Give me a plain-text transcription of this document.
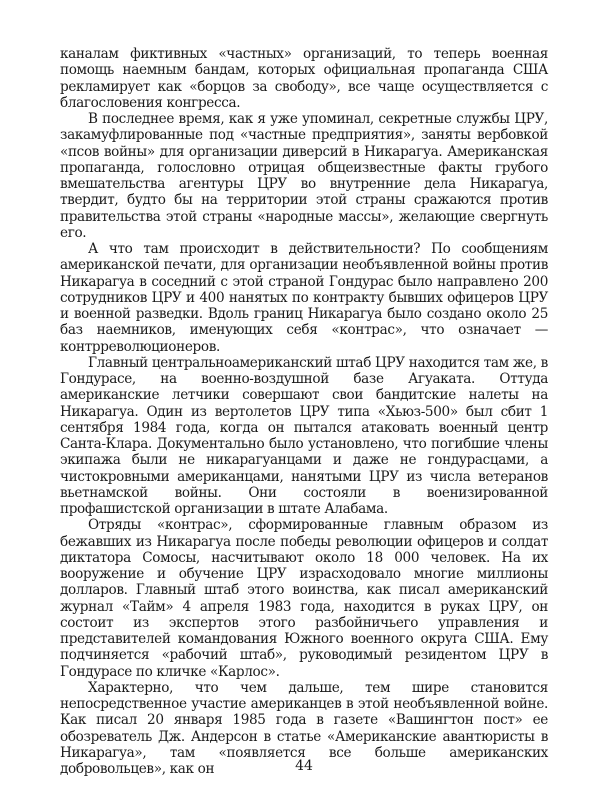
каналам фиктивных «частных» организаций, то теперь военная помощь наемным бандам, которых официальная пропаганда США рекламирует как «борцов за свободу», все чаще осуществляется с благословения конгресса.

В последнее время, как я уже упоминал, секретные службы ЦРУ, закамуфлированные под «частные предприятия», заняты вербовкой «псов войны» для организации диверсий в Никарагуа. Американская пропаганда, голословно отрицая общеизвестные факты грубого вмешательства агентуры ЦРУ во внутренние дела Никарагуа, твердит, будто бы на территории этой страны сражаются против правительства этой страны «народные массы», желающие свергнуть его.

А что там происходит в действительности? По сообщениям американской печати, для организации необъявленной войны против Никарагуа в соседний с этой страной Гондурас было направлено 200 сотрудников ЦРУ и 400 нанятых по контракту бывших офицеров ЦРУ и военной разведки. Вдоль границ Никарагуа было создано около 25 баз наемников, именующих себя «контрас», что означает — контрреволюционеров.

Главный центральноамериканский штаб ЦРУ находится там же, в Гондурасе, на военно-воздушной базе Агуаката. Оттуда американские летчики совершают свои бандитские налеты на Никарагуа. Один из вертолетов ЦРУ типа «Хьюз-500» был сбит 1 сентября 1984 года, когда он пытался атаковать военный центр Санта-Клара. Документально было установлено, что погибшие члены экипажа были не никарагуанцами и даже не гондурасцами, а чистокровными американцами, нанятыми ЦРУ из числа ветеранов вьетнамской войны. Они состояли в военизированной профашистской организации в штате Алабама.

Отряды «контрас», сформированные главным образом из бежавших из Никарагуа после победы революции офицеров и солдат диктатора Сомосы, насчитывают около 18 000 человек. На их вооружение и обучение ЦРУ израсходовало многие миллионы долларов. Главный штаб этого воинства, как писал американский журнал «Тайм» 4 апреля 1983 года, находится в руках ЦРУ, он состоит из экспертов этого разбойничьего управления и представителей командования Южного военного округа США. Ему подчиняется «рабочий штаб», руководимый резидентом ЦРУ в Гондурасе по кличке «Карлос».

Характерно, что чем дальше, тем шире становится непосредственное участие американцев в этой необъявленной войне. Как писал 20 января 1985 года в газете «Вашингтон пост» ее обозреватель Дж. Андерсон в статье «Американские авантюристы в Никарагуа», там «появляется все больше американских добровольцев», как он	44
